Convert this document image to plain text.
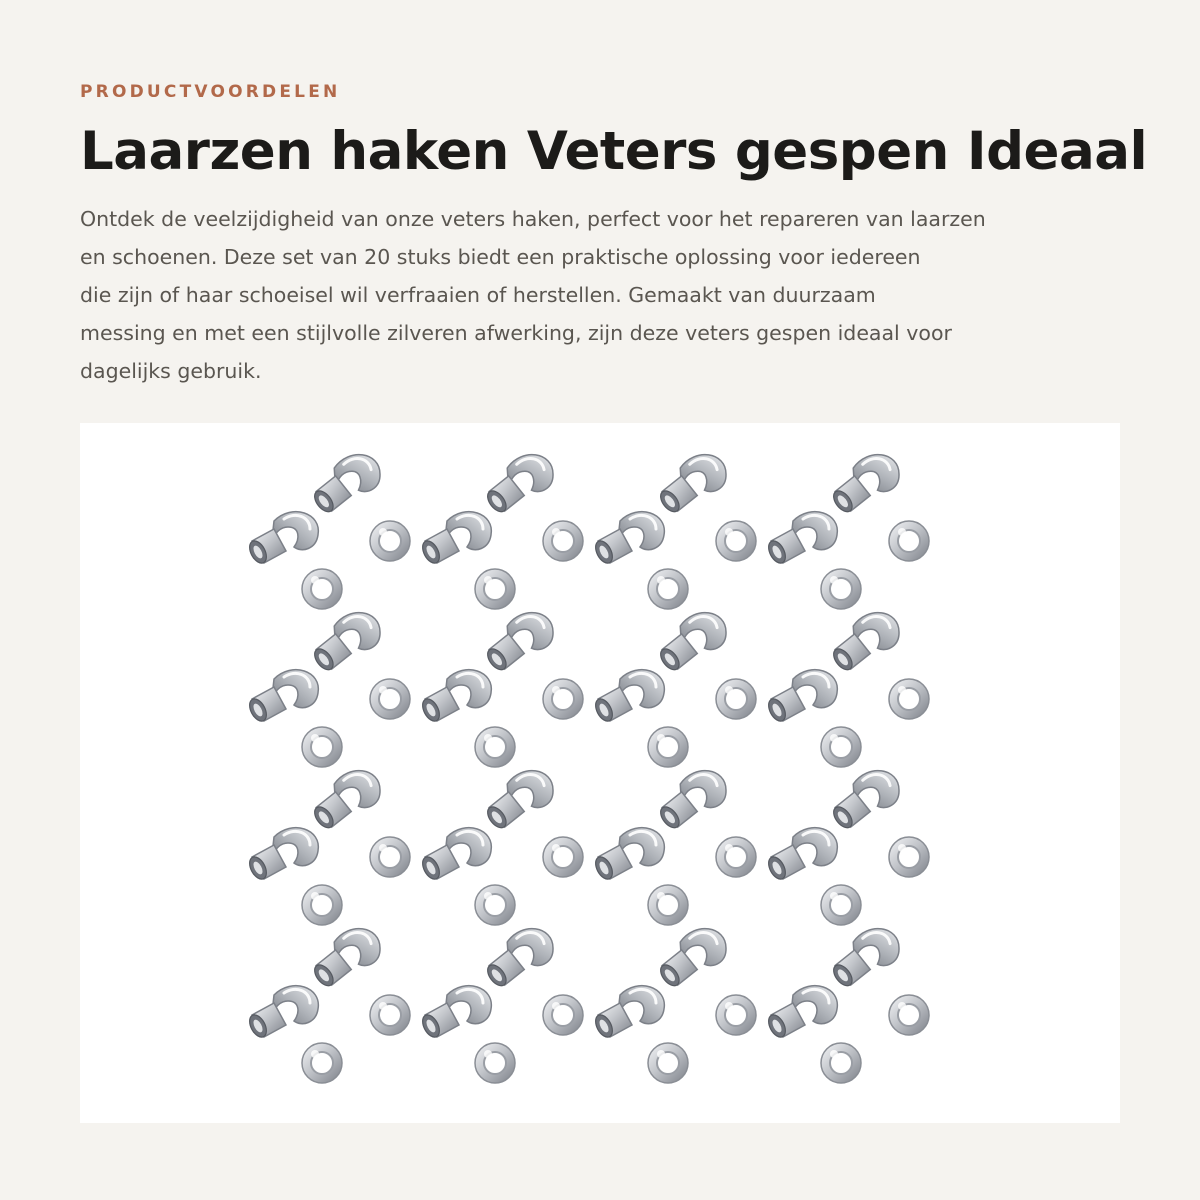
PRODUCTVOORDELEN
Laarzen haken Veters gespen Ideaal

Ontdek de veelzijdigheid van onze veters haken, perfect voor het repareren van laarzen
en schoenen. Deze set van 20 stuks biedt een praktische oplossing voor iedereen
die zijn of haar schoeisel wil verfraaien of herstellen. Gemaakt van duurzaam
messing en met een stijlvolle zilveren afwerking, zijn deze veters gespen ideaal voor
dagelijks gebruik.
